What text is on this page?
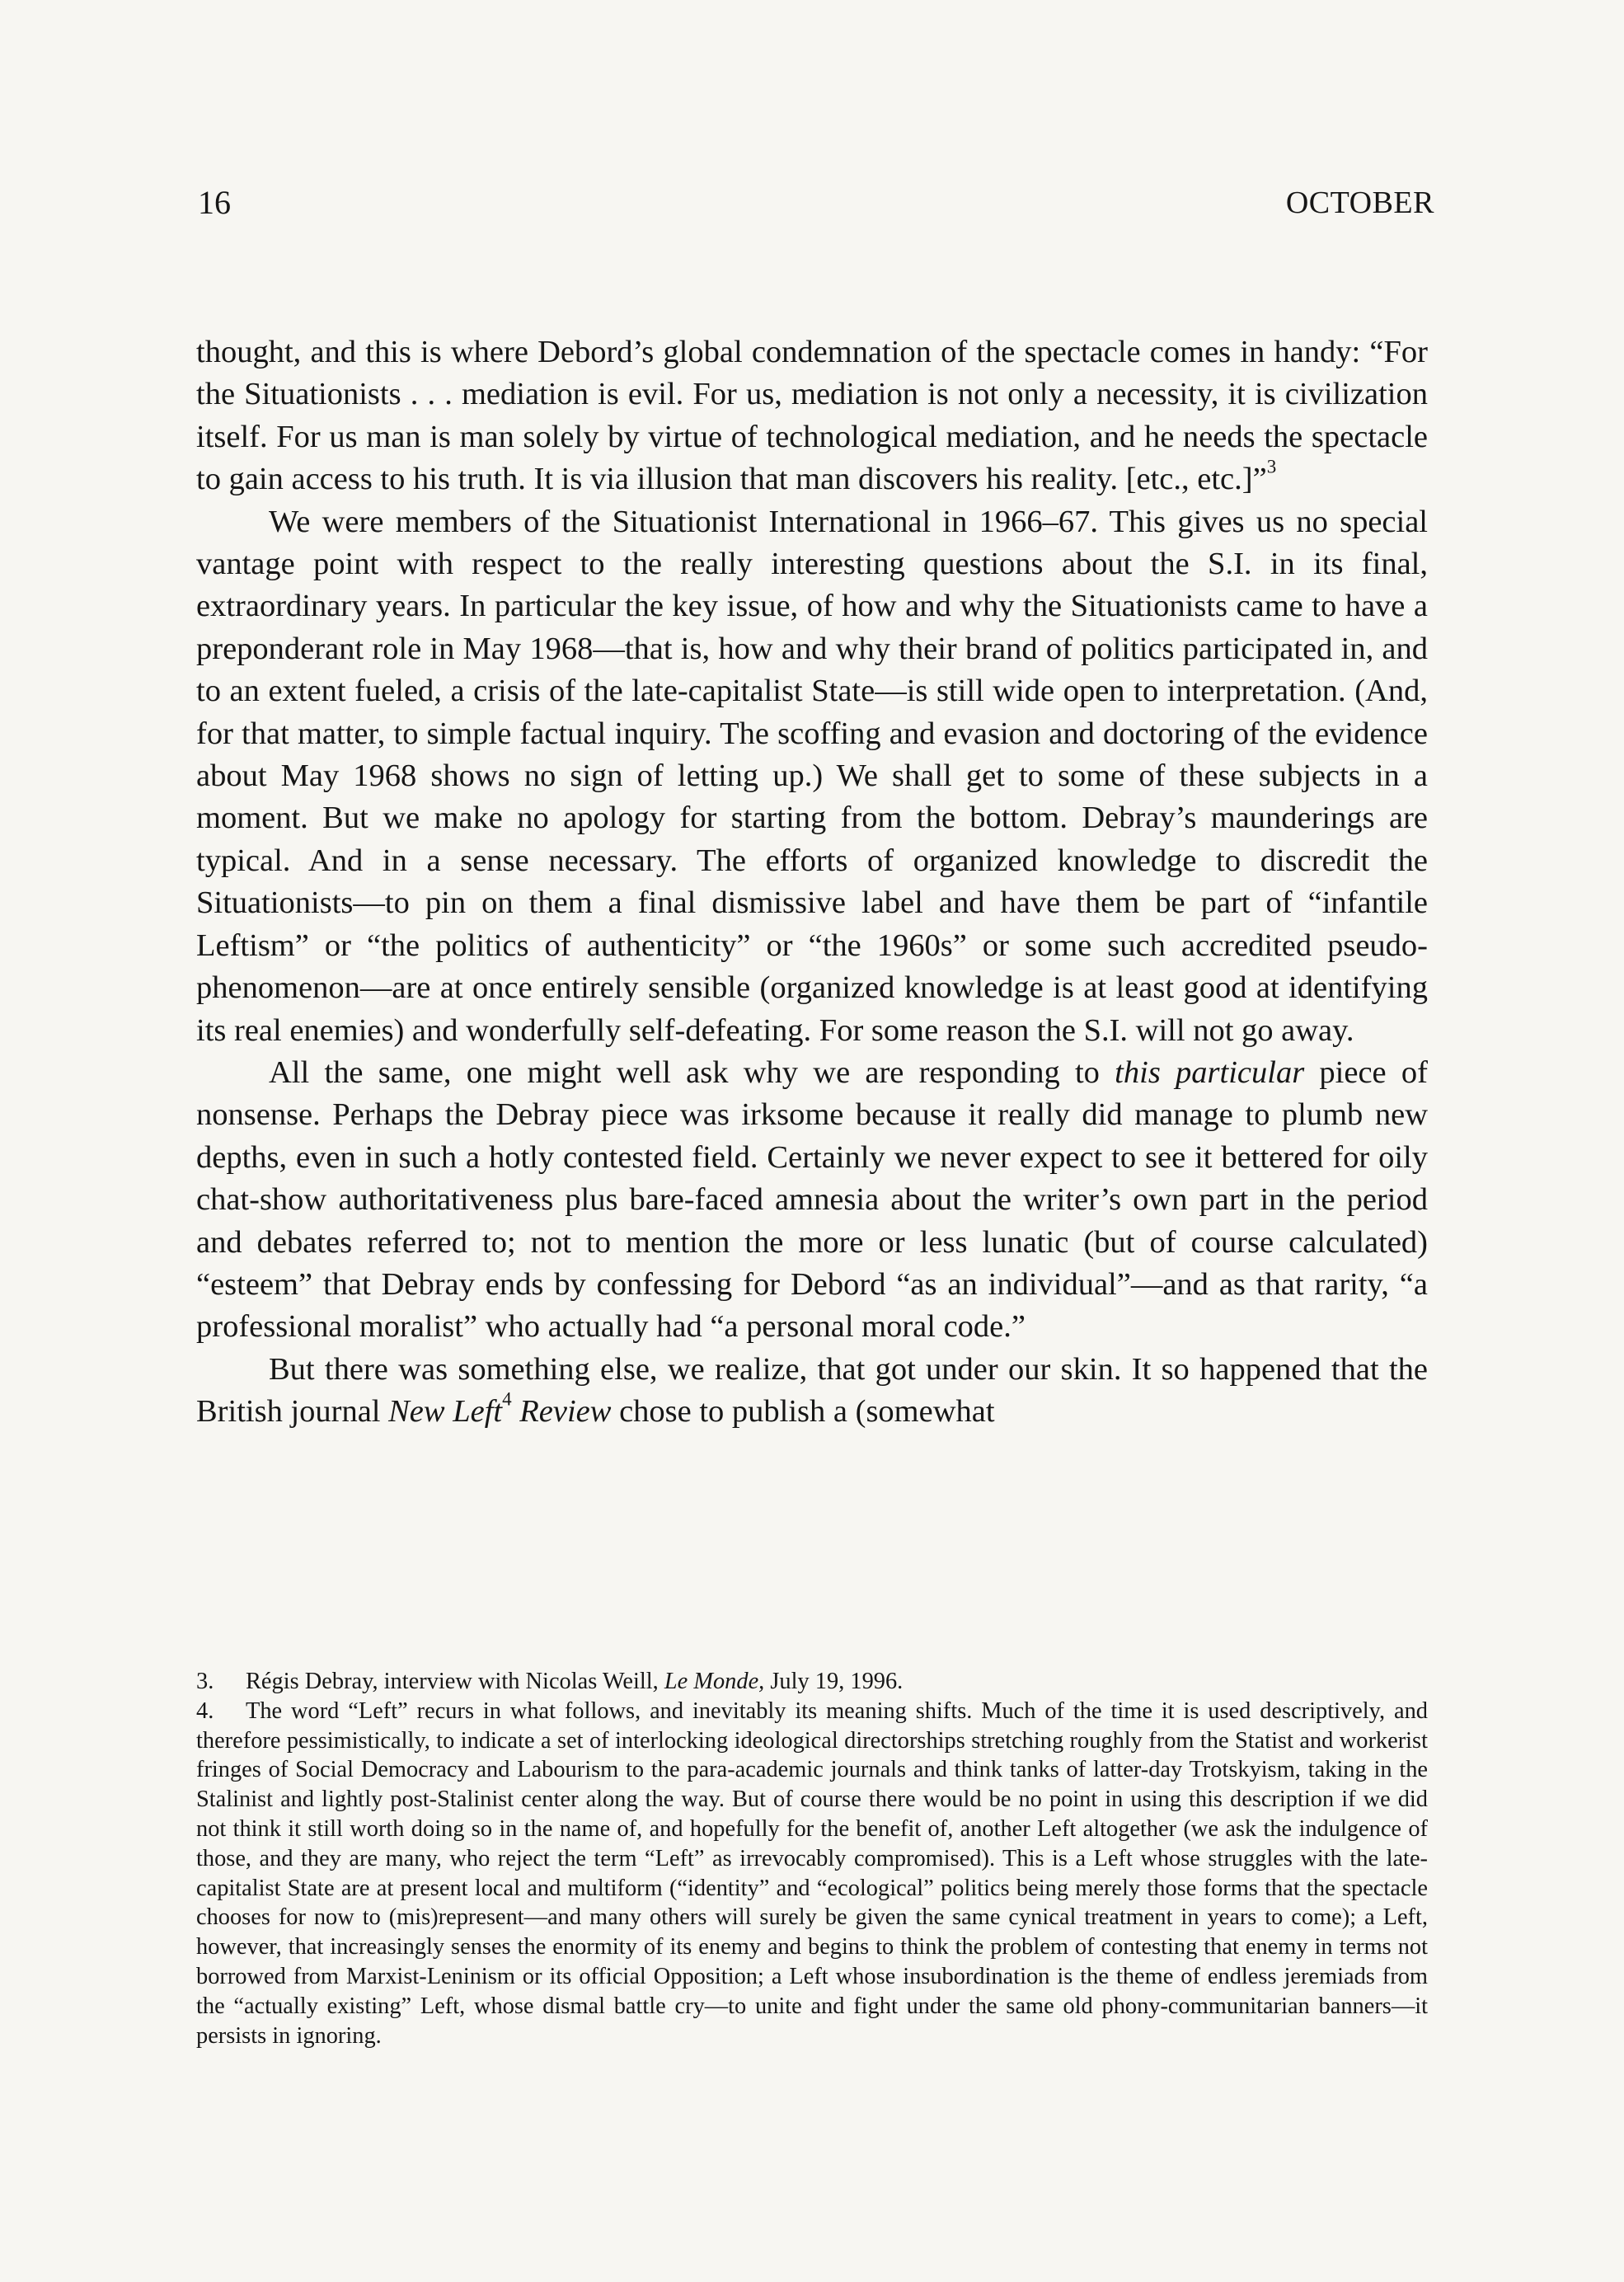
16	OCTOBER

thought, and this is where Debord’s global condemnation of the spectacle comes in handy: “For the Situationists . . . mediation is evil. For us, mediation is not only a necessity, it is civilization itself. For us man is man solely by virtue of technological mediation, and he needs the spectacle to gain access to his truth. It is via illusion that man discovers his reality. [etc., etc.]”$^3$

We were members of the Situationist International in 1966–67. This gives us no special vantage point with respect to the really interesting questions about the S.I. in its final, extraordinary years. In particular the key issue, of how and why the Situationists came to have a preponderant role in May 1968—that is, how and why their brand of politics participated in, and to an extent fueled, a crisis of the late-capitalist State—is still wide open to interpretation. (And, for that matter, to simple factual inquiry. The scoffing and evasion and doctoring of the evidence about May 1968 shows no sign of letting up.) We shall get to some of these subjects in a moment. But we make no apology for starting from the bottom. Debray’s maunderings are typical. And in a sense necessary. The efforts of organized knowledge to discredit the Situationists—to pin on them a final dismissive label and have them be part of “infantile Leftism” or “the politics of authenticity” or “the 1960s” or some such accredited pseudo-phenomenon—are at once entirely sensible (organized knowledge is at least good at identifying its real enemies) and wonderfully self-defeating. For some reason the S.I. will not go away.

All the same, one might well ask why we are responding to this particular piece of nonsense. Perhaps the Debray piece was irksome because it really did manage to plumb new depths, even in such a hotly contested field. Certainly we never expect to see it bettered for oily chat-show authoritativeness plus bare-faced amnesia about the writer’s own part in the period and debates referred to; not to mention the more or less lunatic (but of course calculated) “esteem” that Debray ends by confessing for Debord “as an individual”—and as that rarity, “a professional moralist” who actually had “a personal moral code.”

But there was something else, we realize, that got under our skin. It so happened that the British journal New Left$^4$ Review chose to publish a (somewhat

3. Régis Debray, interview with Nicolas Weill, Le Monde, July 19, 1996.

4. The word “Left” recurs in what follows, and inevitably its meaning shifts. Much of the time it is used descriptively, and therefore pessimistically, to indicate a set of interlocking ideological directorships stretching roughly from the Statist and workerist fringes of Social Democracy and Labourism to the para-academic journals and think tanks of latter-day Trotskyism, taking in the Stalinist and lightly post-Stalinist center along the way. But of course there would be no point in using this description if we did not think it still worth doing so in the name of, and hopefully for the benefit of, another Left altogether (we ask the indulgence of those, and they are many, who reject the term “Left” as irrevocably compromised). This is a Left whose struggles with the late-capitalist State are at present local and multiform (“identity” and “ecological” politics being merely those forms that the spectacle chooses for now to (mis)represent—and many others will surely be given the same cynical treatment in years to come); a Left, however, that increasingly senses the enormity of its enemy and begins to think the problem of contesting that enemy in terms not borrowed from Marxist-Leninism or its official Opposition; a Left whose insubordination is the theme of endless jeremiads from the “actually existing” Left, whose dismal battle cry—to unite and fight under the same old phony-communitarian banners—it persists in ignoring.
